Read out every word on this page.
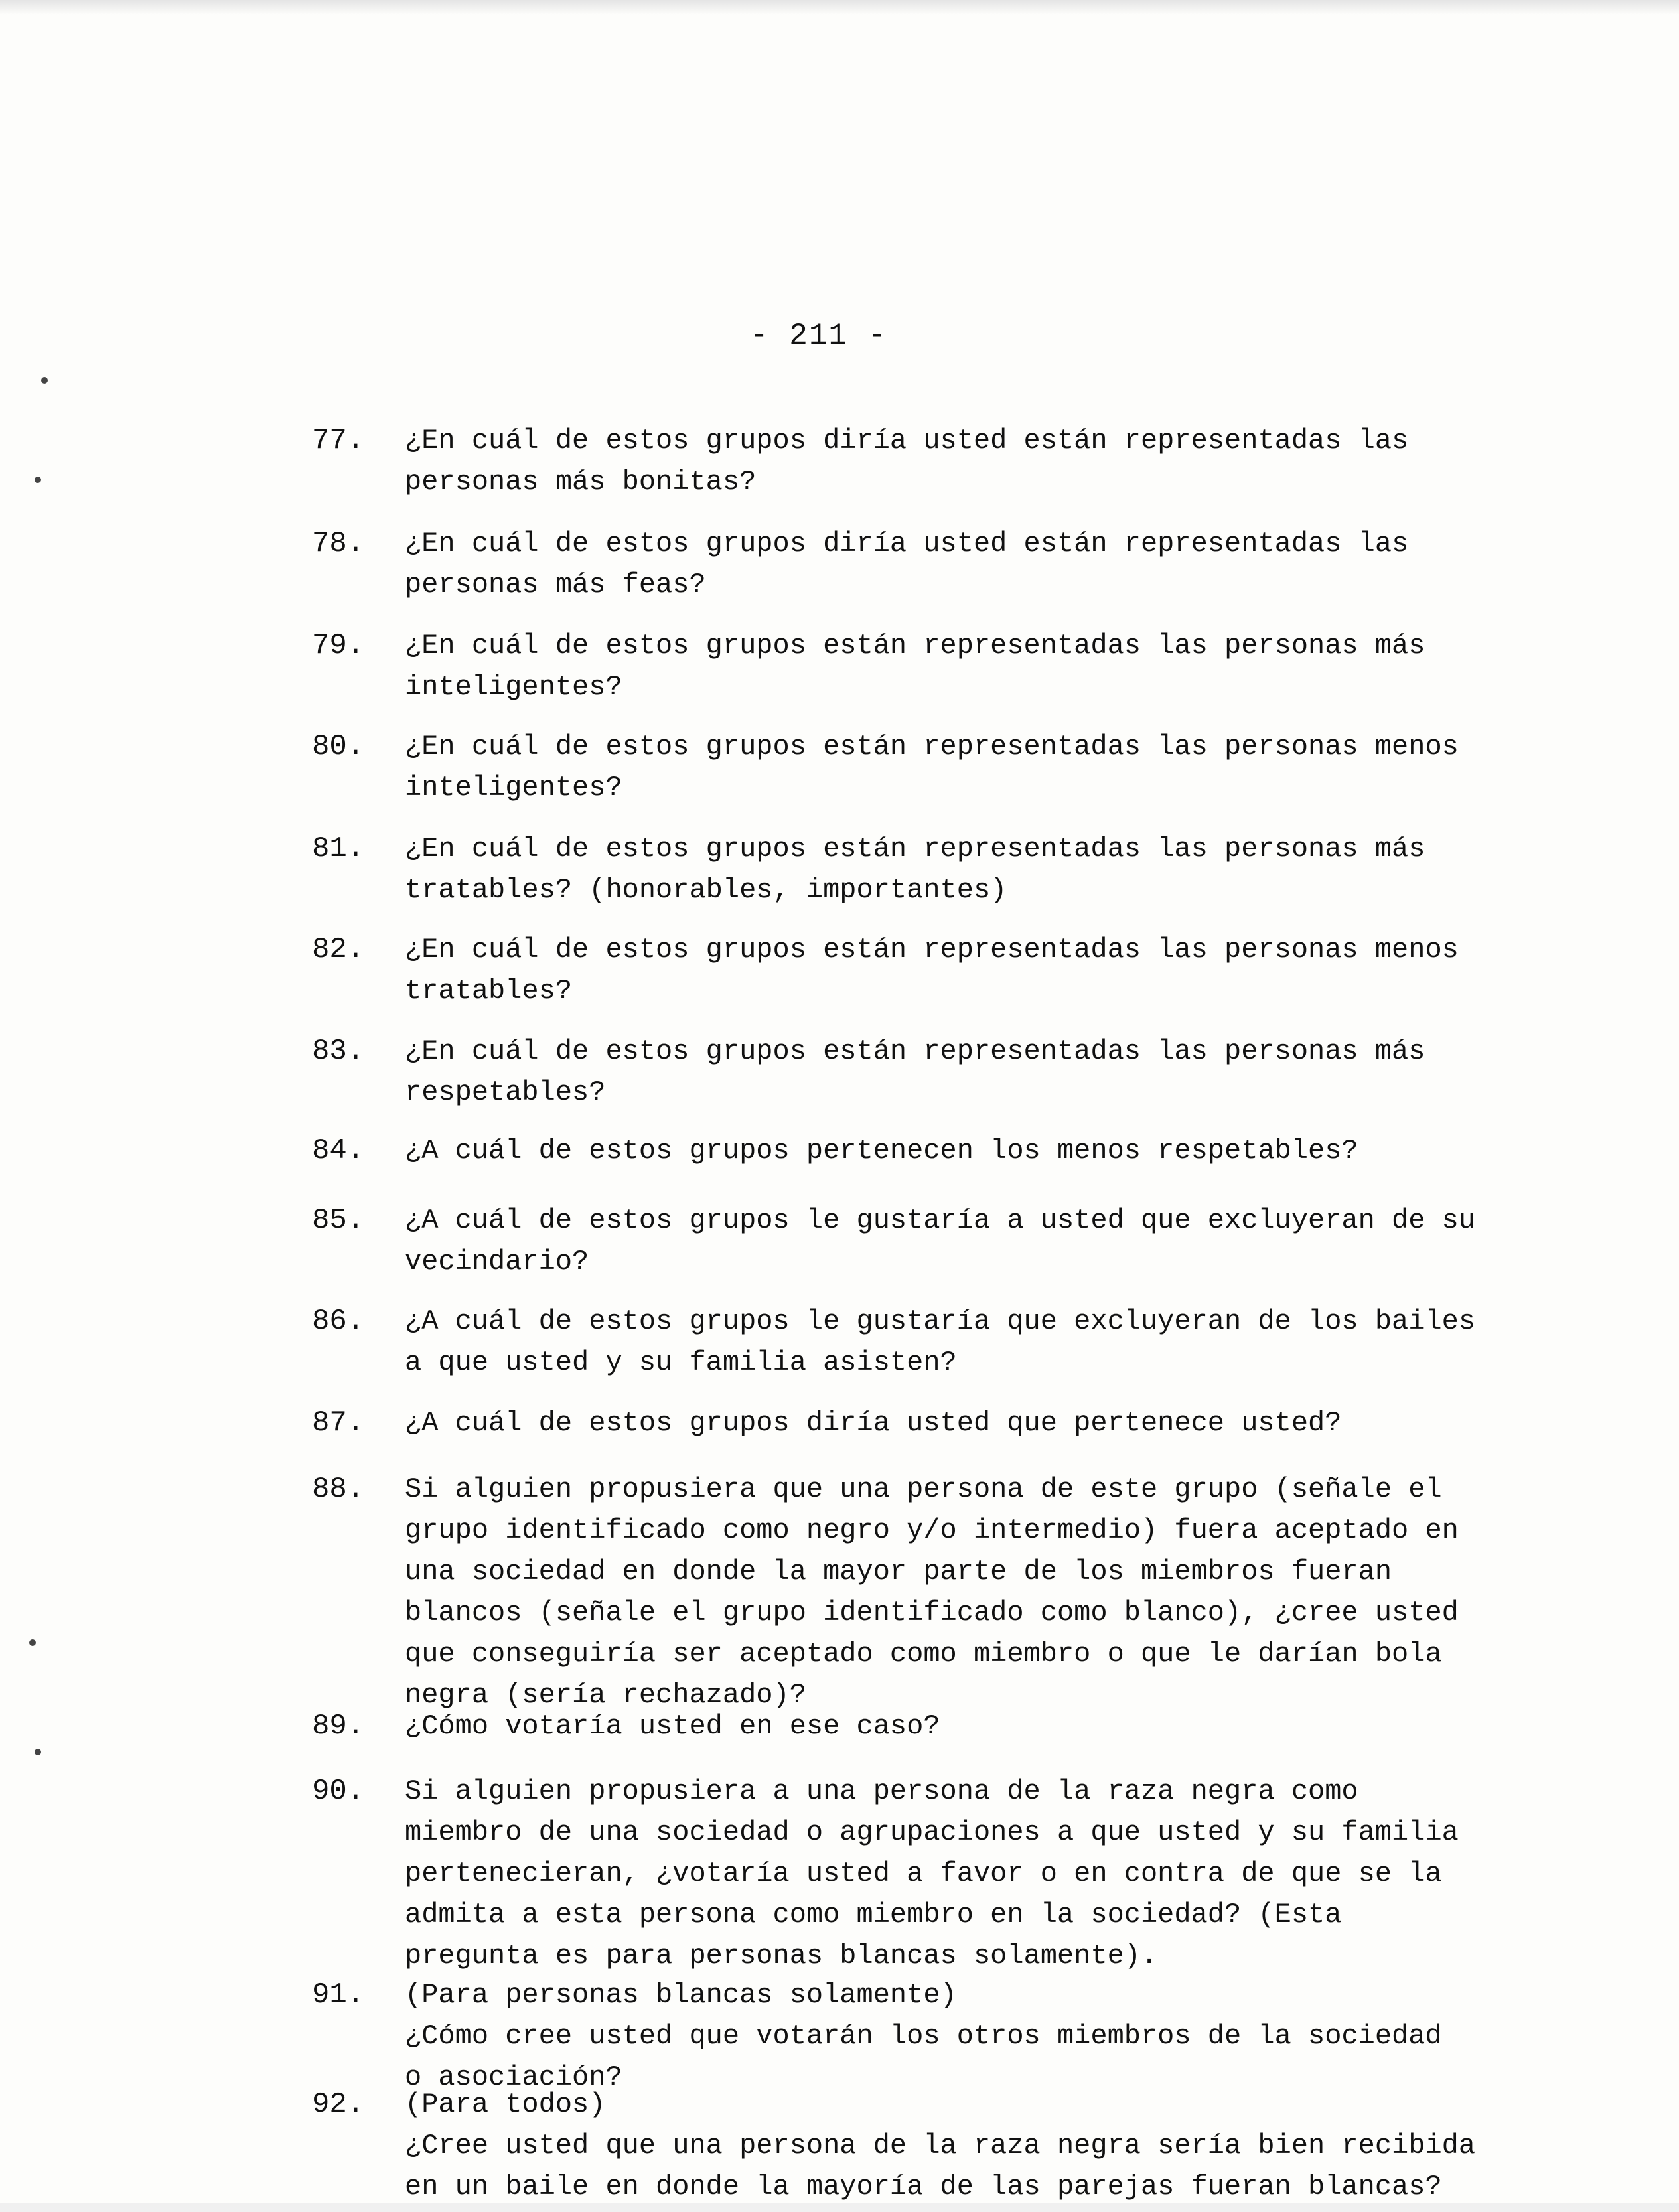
- 211 -
77.	¿En cuál de estos grupos diría usted están representadas las
personas más bonitas?
78.	¿En cuál de estos grupos diría usted están representadas las
personas más feas?
79.	¿En cuál de estos grupos están representadas las personas más
inteligentes?
80.	¿En cuál de estos grupos están representadas las personas menos
inteligentes?
81.	¿En cuál de estos grupos están representadas las personas más
tratables? (honorables, importantes)
82.	¿En cuál de estos grupos están representadas las personas menos
tratables?
83.	¿En cuál de estos grupos están representadas las personas más
respetables?
84.	¿A cuál de estos grupos pertenecen los menos respetables?
85.	¿A cuál de estos grupos le gustaría a usted que excluyeran de su
vecindario?
86.	¿A cuál de estos grupos le gustaría que excluyeran de los bailes
a que usted y su familia asisten?
87.	¿A cuál de estos grupos diría usted que pertenece usted?
88.	Si alguien propusiera que una persona de este grupo (señale el
grupo identificado como negro y/o intermedio) fuera aceptado en
una sociedad en donde la mayor parte de los miembros fueran
blancos (señale el grupo identificado como blanco), ¿cree usted
que conseguiría ser aceptado como miembro o que le darían bola
negra (sería rechazado)?
89.	¿Cómo votaría usted en ese caso?
90.	Si alguien propusiera a una persona de la raza negra como
miembro de una sociedad o agrupaciones a que usted y su familia
pertenecieran, ¿votaría usted a favor o en contra de que se la
admita a esta persona como miembro en la sociedad? (Esta
pregunta es para personas blancas solamente).
91.	(Para personas blancas solamente)
¿Cómo cree usted que votarán los otros miembros de la sociedad
o asociación?
92.	(Para todos)
¿Cree usted que una persona de la raza negra sería bien recibida
en un baile en donde la mayoría de las parejas fueran blancas?
